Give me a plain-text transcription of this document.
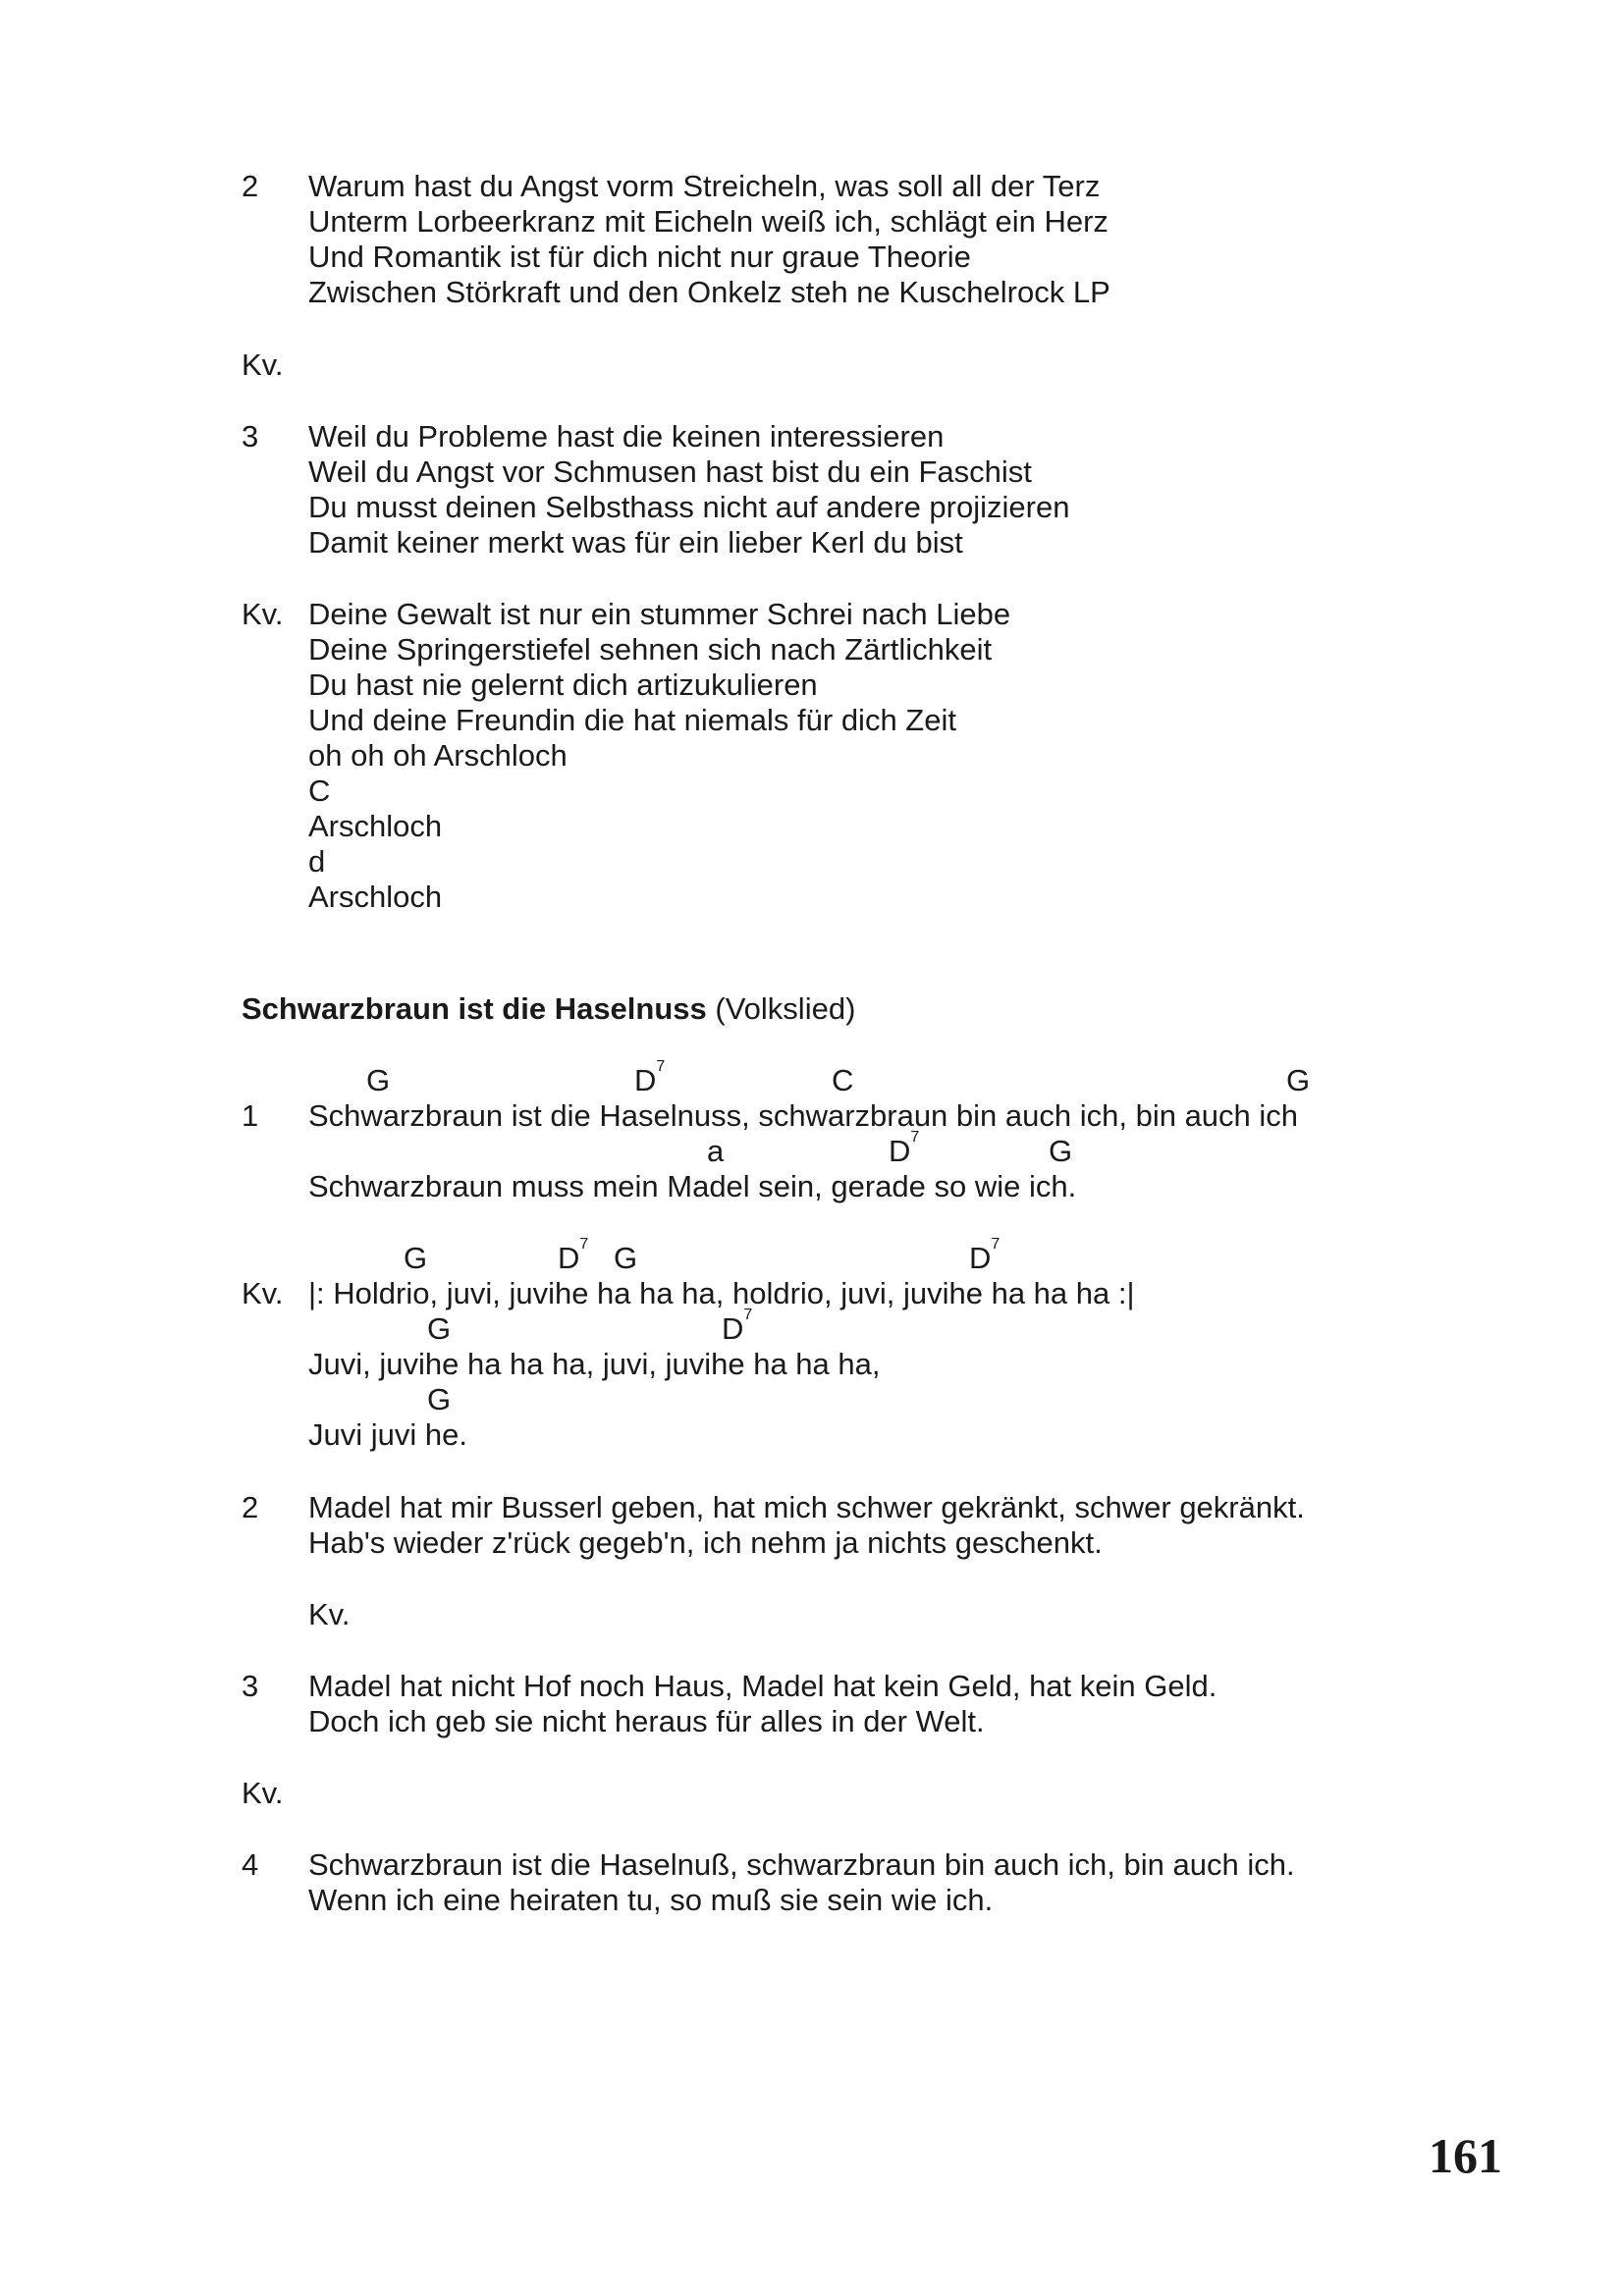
2 Warum hast du Angst vorm Streicheln, was soll all der Terz
Unterm Lorbeerkranz mit Eicheln weiß ich, schlägt ein Herz
Und Romantik ist für dich nicht nur graue Theorie
Zwischen Störkraft und den Onkelz steh ne Kuschelrock LP
Kv.
3 Weil du Probleme hast die keinen interessieren
Weil du Angst vor Schmusen hast bist du ein Faschist
Du musst deinen Selbsthass nicht auf andere projizieren
Damit keiner merkt was für ein lieber Kerl du bist
Kv. Deine Gewalt ist nur ein stummer Schrei nach Liebe
Deine Springerstiefel sehnen sich nach Zärtlichkeit
Du hast nie gelernt dich artizukulieren
Und deine Freundin die hat niemals für dich Zeit
oh oh oh Arschloch
C
Arschloch
d
Arschloch
Schwarzbraun ist die Haselnuss (Volkslied)
G	$D^7$	C	G
1 Schwarzbraun ist die Haselnuss, schwarzbraun bin auch ich, bin auch ich
a	$D^7$	G
Schwarzbraun muss mein Madel sein, gerade so wie ich.
G	$D^7$ G	$D^7$
Kv. |: Holdrio, juvi, juvihe ha ha ha, holdrio, juvi, juvihe ha ha ha :|
G	$D^7$
Juvi, juvihe ha ha ha, juvi, juvihe ha ha ha,
G
Juvi juvi he.
2 Madel hat mir Busserl geben, hat mich schwer gekränkt, schwer gekränkt.
Hab's wieder z'rück gegeb'n, ich nehm ja nichts geschenkt.
Kv.
3 Madel hat nicht Hof noch Haus, Madel hat kein Geld, hat kein Geld.
Doch ich geb sie nicht heraus für alles in der Welt.
Kv.
4 Schwarzbraun ist die Haselnuß, schwarzbraun bin auch ich, bin auch ich.
Wenn ich eine heiraten tu, so muß sie sein wie ich.
161
